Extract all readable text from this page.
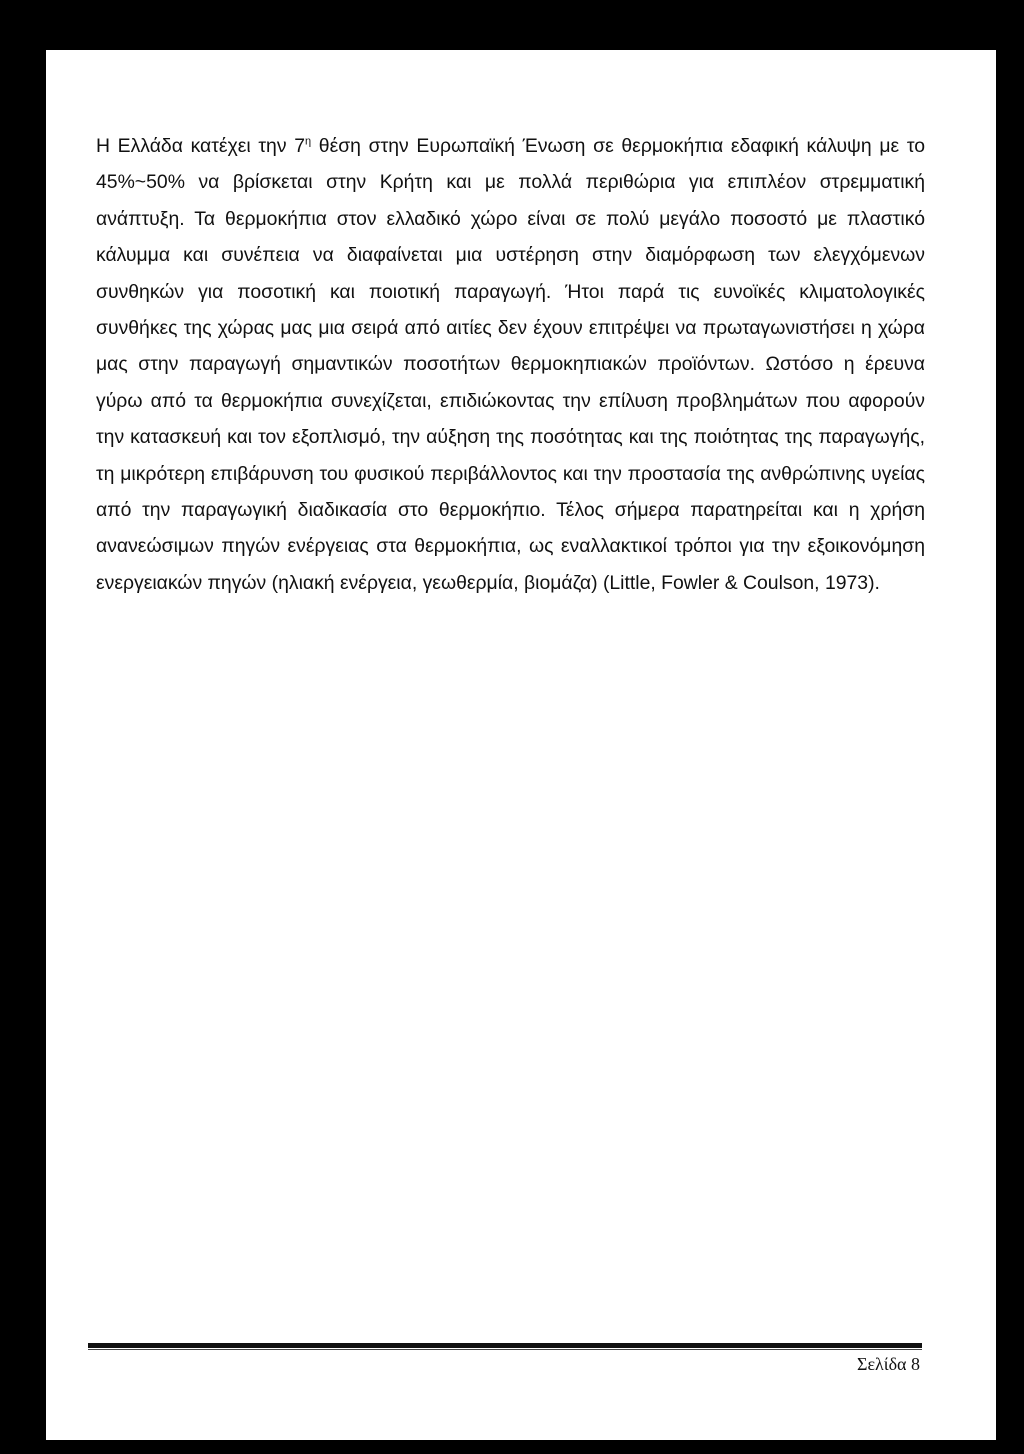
Η Ελλάδα κατέχει την $7^\eta$ θέση στην Ευρωπαϊκή Ένωση σε θερμοκήπια εδαφική κάλυψη με το 45%~50% να βρίσκεται στην Κρήτη και με πολλά περιθώρια για επιπλέον στρεμματική ανάπτυξη. Τα θερμοκήπια στον ελλαδικό χώρο είναι σε πολύ μεγάλο ποσοστό με πλαστικό κάλυμμα και συνέπεια να διαφαίνεται μια υστέρηση στην διαμόρφωση των ελεγχόμενων συνθηκών για ποσοτική και ποιοτική παραγωγή. Ήτοι παρά τις ευνοϊκές κλιματολογικές συνθήκες της χώρας μας μια σειρά από αιτίες δεν έχουν επιτρέψει να πρωταγωνιστήσει η χώρα μας στην παραγωγή σημαντικών ποσοτήτων θερμοκηπιακών προϊόντων. Ωστόσο η έρευνα γύρω από τα θερμοκήπια συνεχίζεται, επιδιώκοντας την επίλυση προβλημάτων που αφορούν την κατασκευή και τον εξοπλισμό, την αύξηση της ποσότητας και της ποιότητας της παραγωγής, τη μικρότερη επιβάρυνση του φυσικού περιβάλλοντος και την προστασία της ανθρώπινης υγείας από την παραγωγική διαδικασία στο θερμοκήπιο. Τέλος σήμερα παρατηρείται και η χρήση ανανεώσιμων πηγών ενέργειας στα θερμοκήπια, ως εναλλακτικοί τρόποι για την εξοικονόμηση ενεργειακών πηγών (ηλιακή ενέργεια, γεωθερμία, βιομάζα) (Little, Fowler & Coulson, 1973).

Σελίδα 8
